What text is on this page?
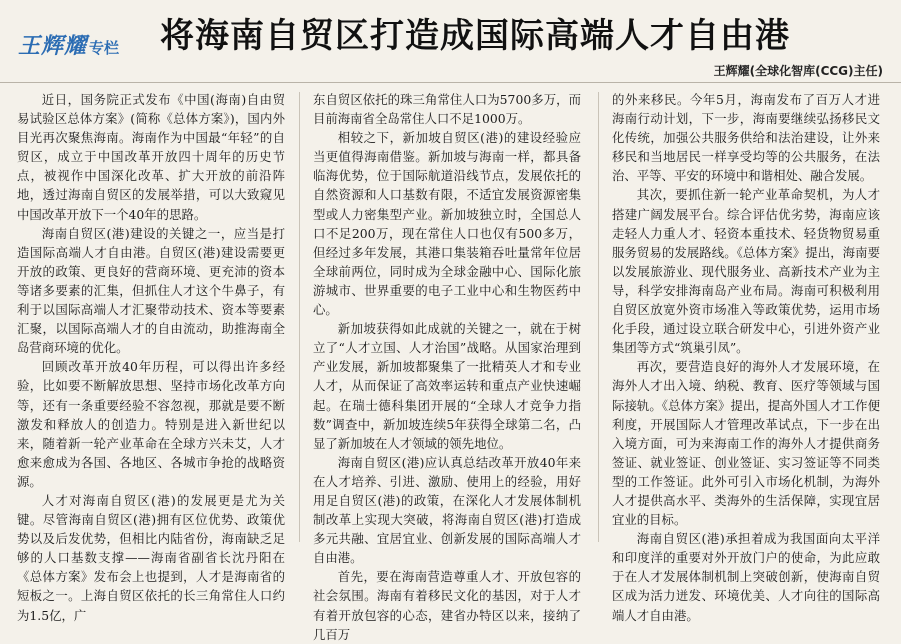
王辉耀 专栏 将海南自贸区打造成国际高端人才自由港
王辉耀(全球化智库(CCG)主任)

近日，国务院正式发布《中国(海南)自由贸易试验区总体方案》(简称《总体方案》)，国内外目光再次聚焦海南。海南作为中国最“年轻”的自贸区，成立于中国改革开放四十周年的历史节点，被视作中国深化改革、扩大开放的前沿阵地，透过海南自贸区的发展举措，可以大致窥见中国改革开放下一个40年的思路。

海南自贸区(港)建设的关键之一，应当是打造国际高端人才自由港。自贸区(港)建设需要更开放的政策、更良好的营商环境、更充沛的资本等诸多要素的汇集，但抓住人才这个牛鼻子，有利于以国际高端人才汇聚带动技术、资本等要素汇聚，以国际高端人才的自由流动，助推海南全岛营商环境的优化。

回顾改革开放40年历程，可以得出许多经验，比如要不断解放思想、坚持市场化改革方向等，还有一条重要经验不容忽视，那就是要不断激发和释放人的创造力。特别是进入新世纪以来，随着新一轮产业革命在全球方兴未艾，人才愈来愈成为各国、各地区、各城市争抢的战略资源。

人才对海南自贸区(港)的发展更是尤为关键。尽管海南自贸区(港)拥有区位优势、政策优势以及后发优势，但相比内陆省份，海南缺乏足够的人口基数支撑——海南省副省长沈丹阳在《总体方案》发布会上也提到，人才是海南省的短板之一。上海自贸区依托的长三角常住人口约为1.5亿，广

东自贸区依托的珠三角常住人口为5700多万，而目前海南省全岛常住人口不足1000万。

相较之下，新加坡自贸区(港)的建设经验应当更值得海南借鉴。新加坡与海南一样，都具备临海优势，位于国际航道沿线节点，发展依托的自然资源和人口基数有限，不适宜发展资源密集型或人力密集型产业。新加坡独立时，全国总人口不足200万，现在常住人口也仅有500多万，但经过多年发展，其港口集装箱吞吐量常年位居全球前两位，同时成为全球金融中心、国际化旅游城市、世界重要的电子工业中心和生物医药中心。

新加坡获得如此成就的关键之一，就在于树立了“人才立国、人才治国”战略。从国家治理到产业发展，新加坡都聚集了一批精英人才和专业人才，从而保证了高效率运转和重点产业快速崛起。在瑞士德科集团开展的“全球人才竞争力指数”调查中，新加坡连续5年获得全球第二名，凸显了新加坡在人才领域的领先地位。

海南自贸区(港)应认真总结改革开放40年来在人才培养、引进、激励、使用上的经验，用好用足自贸区(港)的政策，在深化人才发展体制机制改革上实现大突破，将海南自贸区(港)打造成多元共融、宜居宜业、创新发展的国际高端人才自由港。

首先，要在海南营造尊重人才、开放包容的社会氛围。海南有着移民文化的基因，对于人才有着开放包容的心态，建省办特区以来，接纳了几百万

的外来移民。今年5月，海南发布了百万人才进海南行动计划，下一步，海南要继续弘扬移民文化传统，加强公共服务供给和法治建设，让外来移民和当地居民一样享受均等的公共服务，在法治、平等、平安的环境中和谐相处、融合发展。

其次，要抓住新一轮产业革命契机，为人才搭建广阔发展平台。综合评估优劣势，海南应该走轻人力重人才、轻资本重技术、轻货物贸易重服务贸易的发展路线。《总体方案》提出，海南要以发展旅游业、现代服务业、高新技术产业为主导，科学安排海南岛产业布局。海南可积极利用自贸区放宽外资市场准入等政策优势，运用市场化手段，通过设立联合研发中心，引进外资产业集团等方式“筑巢引凤”。

再次，要营造良好的海外人才发展环境，在海外人才出入境、纳税、教育、医疗等领域与国际接轨。《总体方案》提出，提高外国人才工作便利度，开展国际人才管理改革试点，下一步在出入境方面，可为来海南工作的海外人才提供商务签证、就业签证、创业签证、实习签证等不同类型的工作签证。此外可引入市场化机制，为海外人才提供高水平、类海外的生活保障，实现宜居宜业的目标。

海南自贸区(港)承担着成为我国面向太平洋和印度洋的重要对外开放门户的使命，为此应敢于在人才发展体制机制上突破创新，使海南自贸区成为活力迸发、环境优美、人才向往的国际高端人才自由港。
